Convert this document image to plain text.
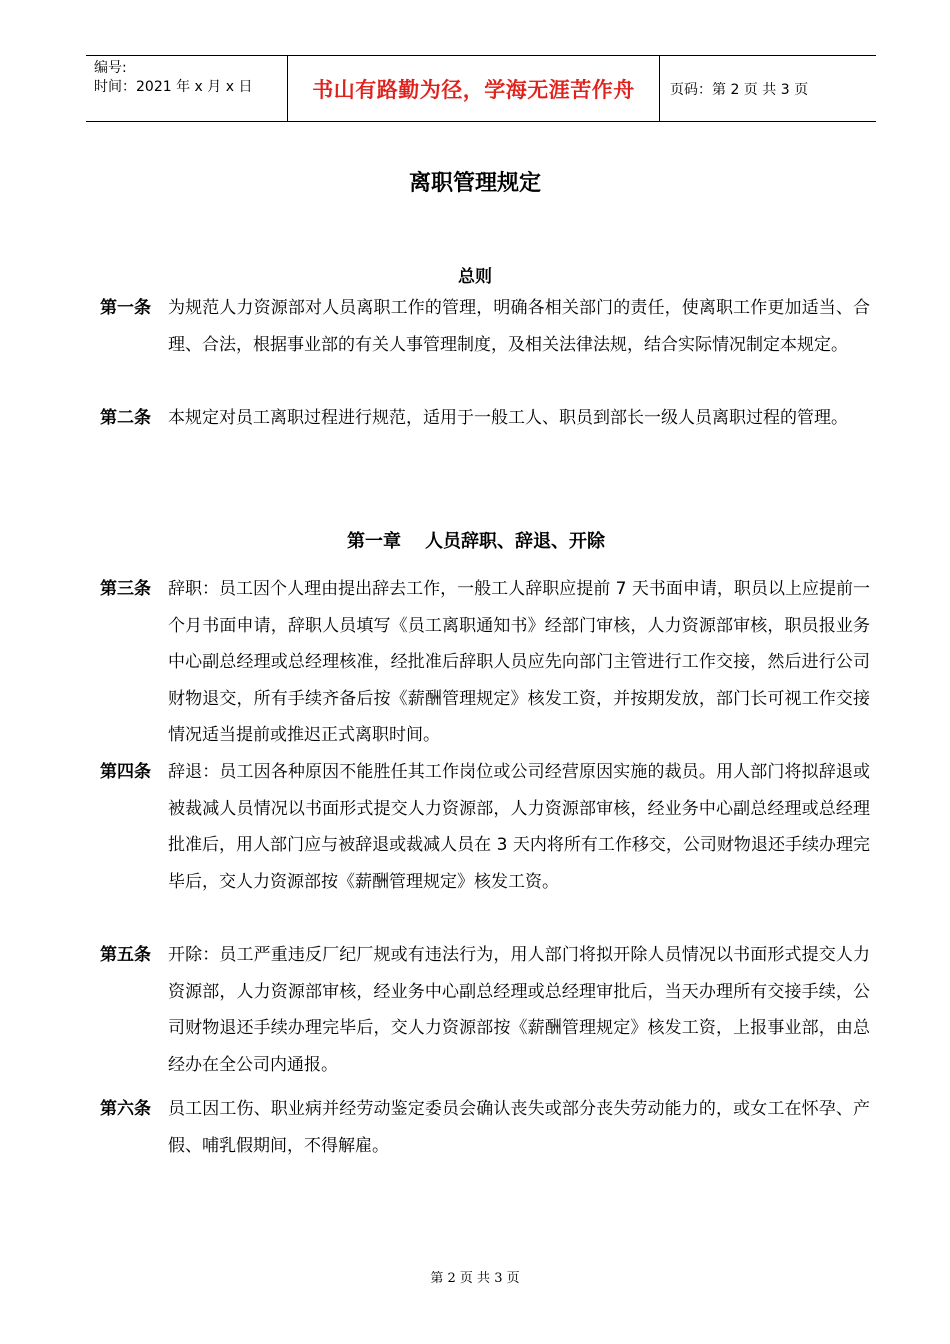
编号:
时间：2021 年 x 月 x 日	书山有路勤为径，学海无涯苦作舟	页码：第 2 页 共 3 页
离职管理规定
总则
第一条 为规范人力资源部对人员离职工作的管理，明确各相关部门的责任，使离职工作更加适当、合理、合法，根据事业部的有关人事管理制度，及相关法律法规，结合实际情况制定本规定。
第二条 本规定对员工离职过程进行规范，适用于一般工人、职员到部长一级人员离职过程的管理。
第一章 人员辞职、辞退、开除
第三条 辞职：员工因个人理由提出辞去工作，一般工人辞职应提前 7 天书面申请，职员以上应提前一个月书面申请，辞职人员填写《员工离职通知书》经部门审核，人力资源部审核，职员报业务中心副总经理或总经理核准，经批准后辞职人员应先向部门主管进行工作交接，然后进行公司财物退交，所有手续齐备后按《薪酬管理规定》核发工资，并按期发放，部门长可视工作交接情况适当提前或推迟正式离职时间。
第四条 辞退：员工因各种原因不能胜任其工作岗位或公司经营原因实施的裁员。用人部门将拟辞退或被裁减人员情况以书面形式提交人力资源部，人力资源部审核，经业务中心副总经理或总经理批准后，用人部门应与被辞退或裁减人员在 3 天内将所有工作移交，公司财物退还手续办理完毕后，交人力资源部按《薪酬管理规定》核发工资。
第五条 开除：员工严重违反厂纪厂规或有违法行为，用人部门将拟开除人员情况以书面形式提交人力资源部，人力资源部审核，经业务中心副总经理或总经理审批后，当天办理所有交接手续，公司财物退还手续办理完毕后，交人力资源部按《薪酬管理规定》核发工资，上报事业部，由总经办在全公司内通报。
第六条 员工因工伤、职业病并经劳动鉴定委员会确认丧失或部分丧失劳动能力的，或女工在怀孕、产假、哺乳假期间，不得解雇。
第 2 页 共 3 页
